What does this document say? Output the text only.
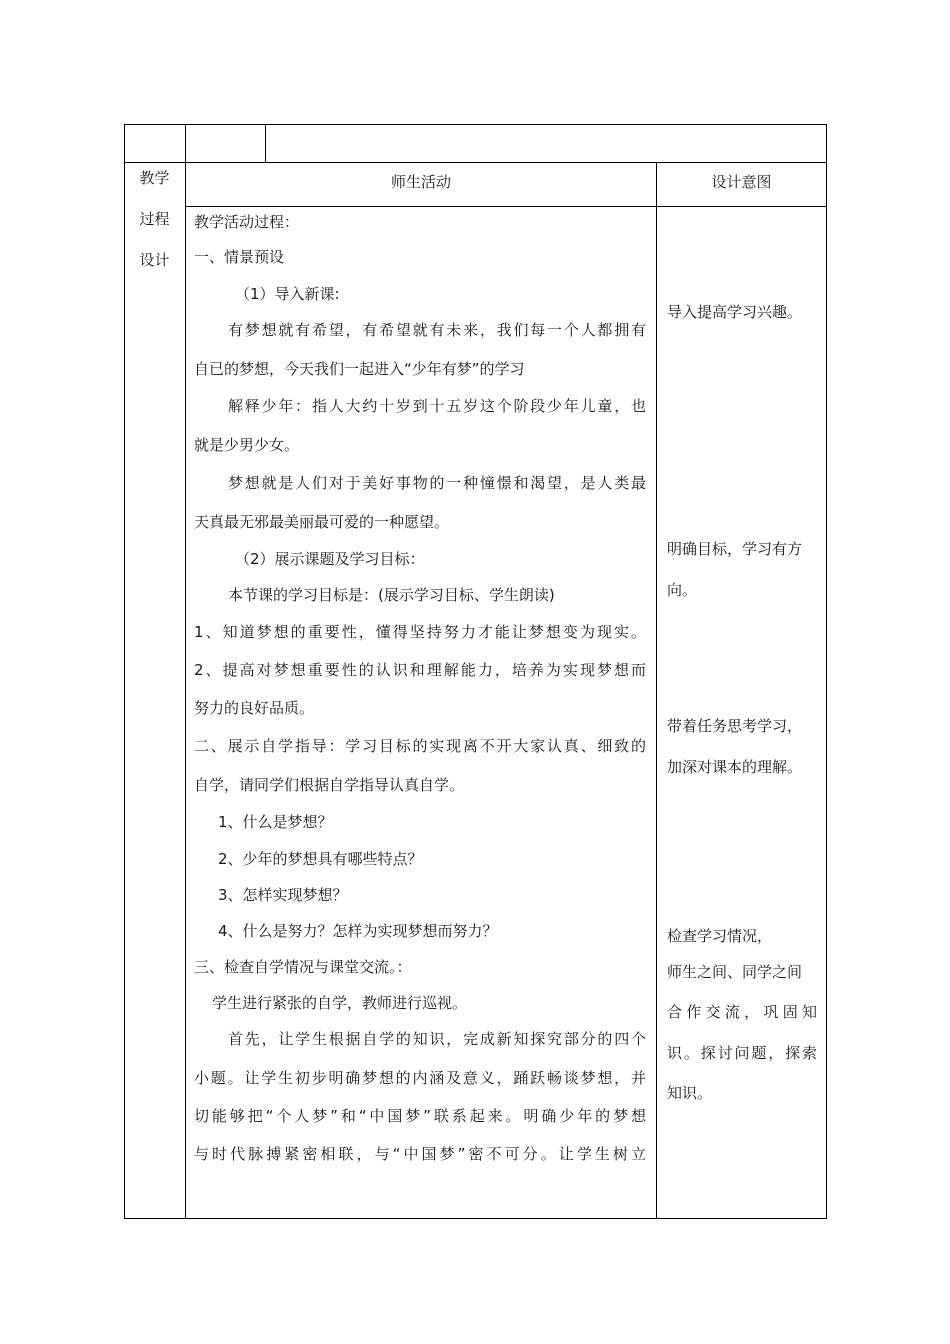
教学
过程
设计
师生活动	设计意图
教学活动过程：
一、情景预设
（1）导入新课:
有梦想就有希望，有希望就有未来，我们每一个人都拥有
自已的梦想，今天我们一起进入“少年有梦”的学习
解释少年：指人大约十岁到十五岁这个阶段少年儿童，也
就是少男少女。
梦想就是人们对于美好事物的一种憧憬和渴望，是人类最
天真最无邪最美丽最可爱的一种愿望。
（2）展示课题及学习目标：
本节课的学习目标是：(展示学习目标、学生朗读)
1、知道梦想的重要性，懂得坚持努力才能让梦想变为现实。
2、提高对梦想重要性的认识和理解能力，培养为实现梦想而
努力的良好品质。
二、展示自学指导：学习目标的实现离不开大家认真、细致的
自学，请同学们根据自学指导认真自学。
1、什么是梦想？
2、少年的梦想具有哪些特点？
3、怎样实现梦想？
4、什么是努力？怎样为实现梦想而努力？
三、检查自学情况与课堂交流。：
学生进行紧张的自学，教师进行巡视。
首先，让学生根据自学的知识，完成新知探究部分的四个
小题。让学生初步明确梦想的内涵及意义，踊跃畅谈梦想，并
切能够把“个人梦”和“中国梦”联系起来。明确少年的梦想
与时代脉搏紧密相联，与“中国梦”密不可分。让学生树立
导入提高学习兴趣。
明确目标，学习有方
向。
带着任务思考学习，
加深对课本的理解。
检查学习情况，
师生之间、同学之间
合作交流，巩固知
识。探讨问题，探索
知识。
